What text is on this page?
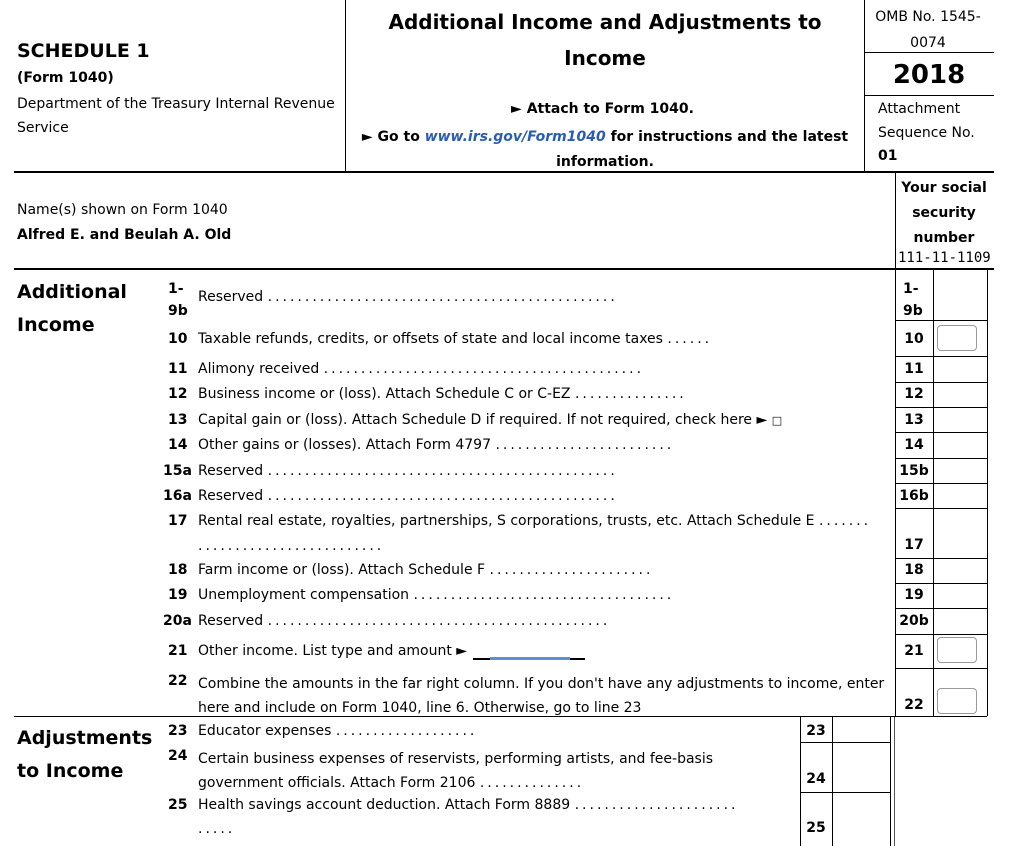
SCHEDULE 1
(Form 1040)
Department of the Treasury Internal Revenue Service
Additional Income and Adjustments to Income
► Attach to Form 1040.
► Go to www.irs.gov/Form1040 for instructions and the latest information.
OMB No. 1545-0074
2018
Attachment Sequence No.
01
Name(s) shown on Form 1040
Alfred E. and Beulah A. Old
Your social security number
111-11-1109
Additional Income
Adjustments to Income
1-
9b
Reserved ...............................................	1-
9b
10 Taxable refunds, credits, or offsets of state and local income taxes ......	10
11 Alimony received ...........................................	11
12 Business income or (loss). Attach Schedule C or C-EZ ...............	12
13 Capital gain or (loss). Attach Schedule D if required. If not required, check here ► □	13
14 Other gains or (losses). Attach Form 4797 ........................	14
15a Reserved ...............................................	15b
16a Reserved ...............................................	16b
17 Rental real estate, royalties, partnerships, S corporations, trusts, etc. Attach Schedule E .......
.........................	17
18 Farm income or (loss). Attach Schedule F ......................	18
19 Unemployment compensation ...................................	19
20a Reserved ..............................................	20b
21 Other income. List type and amount ►	21
22 Combine the amounts in the far right column. If you don't have any adjustments to income, enter here and include on Form 1040, line 6. Otherwise, go to line 23	22
23 Educator expenses ...................	23
24 Certain business expenses of reservists, performing artists, and fee-basis government officials. Attach Form 2106 ..............	24
25 Health savings account deduction. Attach Form 8889 ......................
.....	25
